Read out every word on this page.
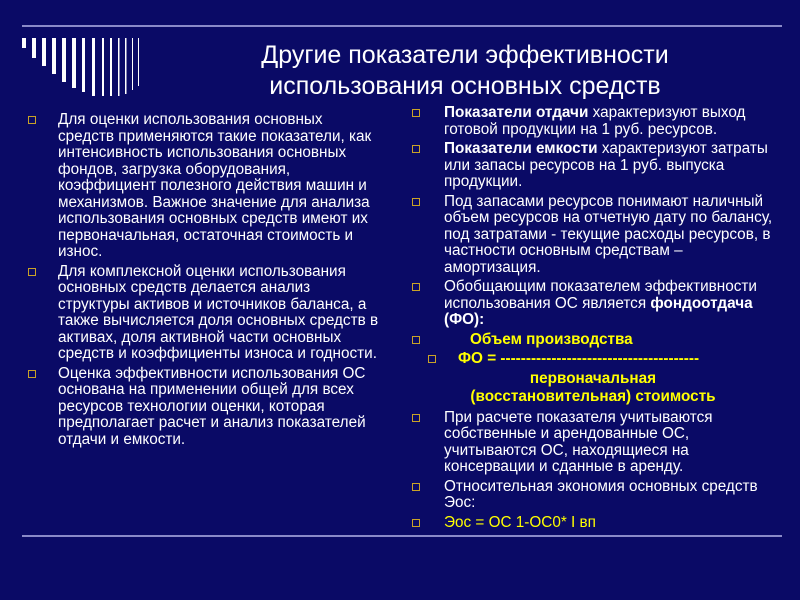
Другие показатели эффективности
использования основных средств
Для оценки использования основных средств применяются такие показатели, как интенсивность использования основных фондов, загрузка оборудования, коэффициент полезного действия машин и механизмов. Важное значение для анализа использования основных средств имеют их первоначальная, остаточная стоимость и износ.
Для комплексной оценки использования основных средств делается анализ структуры активов и источников баланса, а также вычисляется доля основных средств в активах, доля активной части основных средств и коэффициенты износа и годности.
Оценка эффективности использования ОС основана на применении общей для всех ресурсов технологии оценки, которая предполагает расчет и анализ показателей отдачи и емкости.
Показатели отдачи характеризуют выход готовой продукции на 1 руб. ресурсов.
Показатели емкости характеризуют затраты или запасы ресурсов на 1 руб. выпуска продукции.
Под запасами ресурсов понимают наличный объем ресурсов на отчетную дату по балансу, под затратами - текущие расходы ресурсов, в частности основным средствам – амортизация.
Обобщающим показателем эффективности использования ОС является фондоотдача (ФО):
Объем производства
ФО = ---------------------------------------
первоначальная
(восстановительная) стоимость
При расчете показателя учитываются собственные и арендованные ОС, учитываются ОС, находящиеся на консервации и сданные в аренду.
Относительная экономия основных средств Эос:
Эос = ОС 1-ОС0* I вп
